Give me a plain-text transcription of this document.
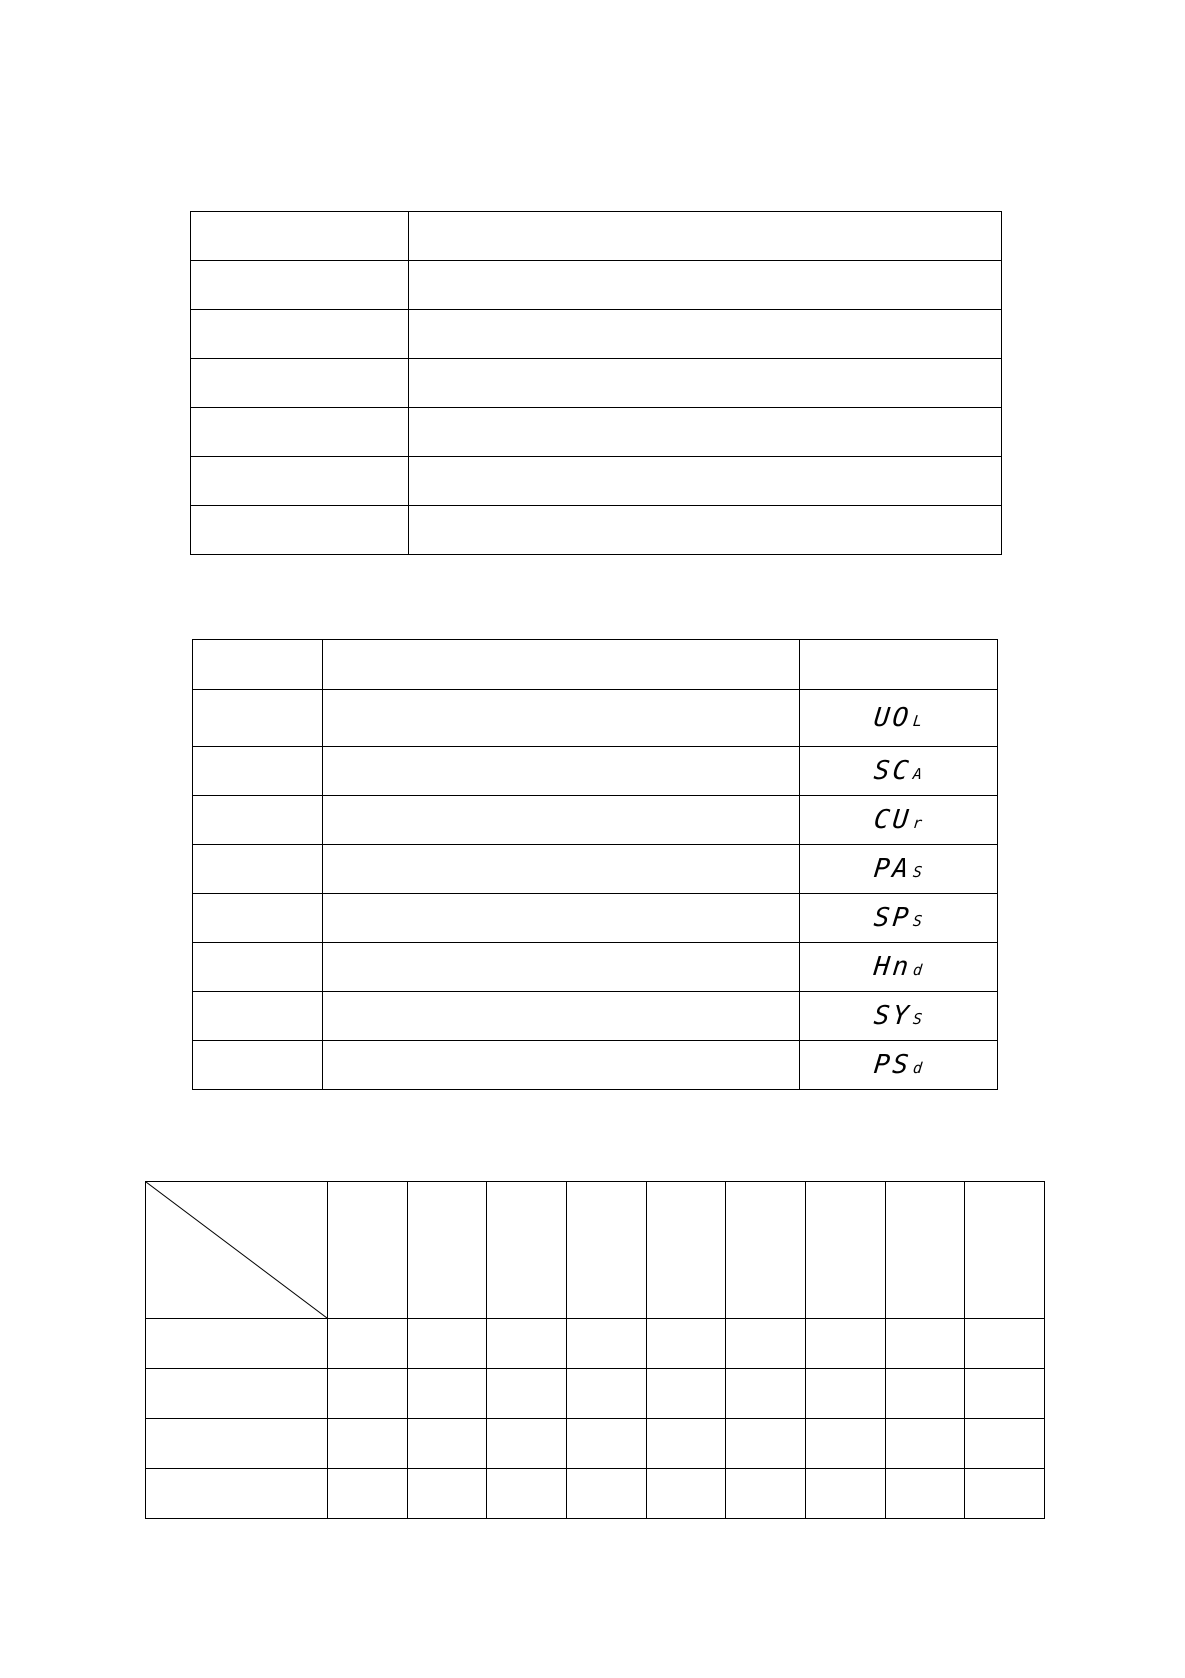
		UOL
		SCA
		CUr
		PAS
		SPS
		Hnd
		SYS
		PSd
